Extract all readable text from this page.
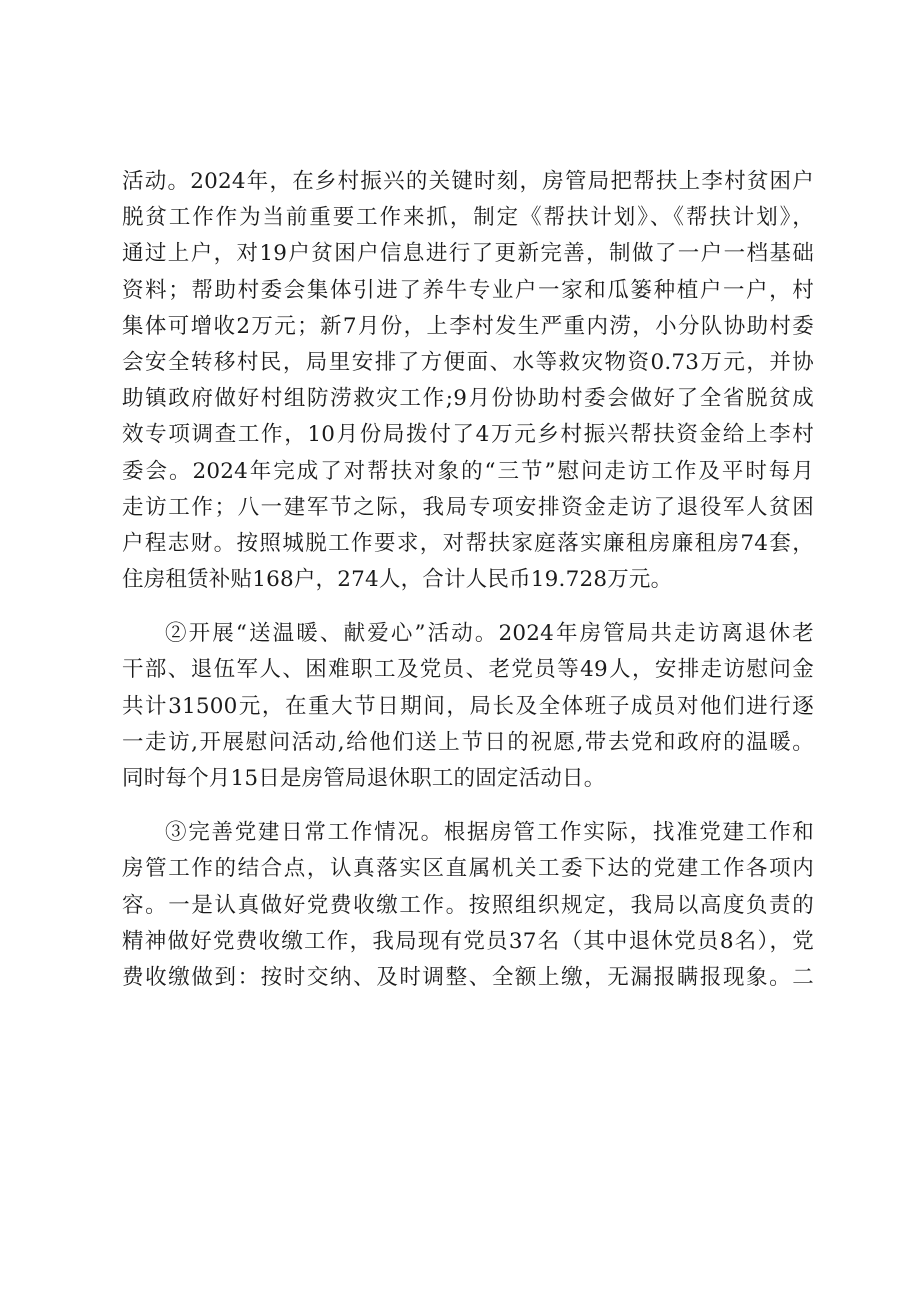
活动。2024年，在乡村振兴的关键时刻，房管局把帮扶上李村贫困户
脱贫工作作为当前重要工作来抓，制定《帮扶计划》、《帮扶计划》，
通过上户，对19户贫困户信息进行了更新完善，制做了一户一档基础
资料；帮助村委会集体引进了养牛专业户一家和瓜篓种植户一户，村
集体可增收2万元；新7月份，上李村发生严重内涝，小分队协助村委
会安全转移村民，局里安排了方便面、水等救灾物资0.73万元，并协
助镇政府做好村组防涝救灾工作;9月份协助村委会做好了全省脱贫成
效专项调查工作，10月份局拨付了4万元乡村振兴帮扶资金给上李村
委会。2024年完成了对帮扶对象的“三节”慰问走访工作及平时每月
走访工作；八一建军节之际，我局专项安排资金走访了退役军人贫困
户程志财。按照城脱工作要求，对帮扶家庭落实廉租房廉租房74套，
住房租赁补贴168户，274人，合计人民币19.728万元。
②开展“送温暖、献爱心”活动。2024年房管局共走访离退休老
干部、退伍军人、困难职工及党员、老党员等49人，安排走访慰问金
共计31500元，在重大节日期间，局长及全体班子成员对他们进行逐
一走访,开展慰问活动,给他们送上节日的祝愿,带去党和政府的温暖。
同时每个月15日是房管局退休职工的固定活动日。
③完善党建日常工作情况。根据房管工作实际，找准党建工作和
房管工作的结合点，认真落实区直属机关工委下达的党建工作各项内
容。一是认真做好党费收缴工作。按照组织规定，我局以高度负责的
精神做好党费收缴工作，我局现有党员37名（其中退休党员8名），党
费收缴做到：按时交纳、及时调整、全额上缴，无漏报瞒报现象。二
